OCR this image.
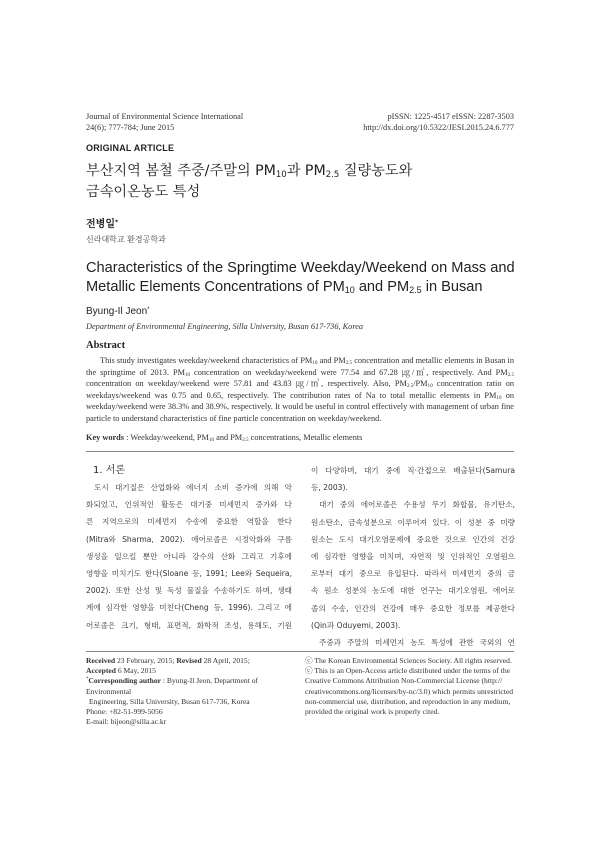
Journal of Environmental Science International
24(6); 777-784; June 2015
pISSN: 1225-4517 eISSN: 2287-3503
http://dx.doi.org/10.5322/JESI.2015.24.6.777
ORIGINAL ARTICLE
부산지역 봄철 주중/주말의 $PM_{10}$과 $PM_{2.5}$ 질량농도와
금속이온농도 특성
전병일*
신라대학교 환경공학과
Characteristics of the Springtime Weekday/Weekend on Mass and
Metallic Elements Concentrations of $PM_{10}$ and $PM_{2.5}$ in Busan
Byung-Il Jeon*
Department of Environmental Engineering, Silla University, Busan 617-736, Korea
Abstract
This study investigates weekday/weekend characteristics of $PM_{10}$ and $PM_{2.5}$ concentration and metallic elements in Busan in the springtime of 2013. $PM_{10}$ concentration on weekday/weekend were 77.54 and 67.28 ㎍/㎥, respectively. And $PM_{2.5}$ concentration on weekday/weekend were 57.81 and 43.83 ㎍/㎥, respectively. Also, $PM_{2.5}/PM_{10}$ concentration ratio on weekdays/weekend was 0.75 and 0.65, respectively. The contribution rates of Na to total metallic elements in $PM_{10}$ on weekday/weekend were 38.3% and 38.9%, respectively. It would be useful in control effectively with management of urban fine particle to understand characteristics of fine particle concentration on weekday/weekend.
Key words : Weekday/weekend, $PM_{10}$ and $PM_{2.5}$ concentrations, Metallic elements
1. 서론
도시 대기질은 산업화와 에너지 소비 증가에 의해 악
화되었고, 인위적인 활동은 대기중 미세먼지 증가와 다
른 지역으로의 미세먼지 수송에 중요한 역할을 한다
(Mitra와 Sharma, 2002). 에어로졸은 시정악화와 구름
생성을 일으킬 뿐만 아니라 강수의 산화 그리고 기후에
영향을 미치기도 한다(Sloane 등, 1991; Lee와 Sequeira,
2002). 또한 산성 및 독성 물질을 수송하기도 하며, 생태
계에 심각한 영향을 미친다(Cheng 등, 1996). 그리고 에
어로졸은 크기, 형태, 표면적, 화학적 조성, 용해도, 기원
이 다양하며, 대기 중에 직·간접으로 배출된다(Samura
등, 2003).
대기 중의 에어로졸은 수용성 무기 화합물, 유기탄소,
원소탄소, 금속성분으로 이루어져 있다. 이 성분 중 미량
원소는 도시 대기오염문제에 중요한 것으로 인간의 건강
에 심각한 영향을 미치며, 자연적 및 인위적인 오염원으
로부터 대기 중으로 유입된다. 따라서 미세먼지 중의 금
속 원소 성분의 농도에 대한 연구는 대기오염원, 에어로
졸의 수송, 인간의 건강에 매우 중요한 정보를 제공한다
(Qin과 Oduyemi, 2003).
주중과 주말의 미세먼지 농도 특성에 관한 국외의 연
Received 23 February, 2015; Revised 28 April, 2015;
Accepted 6 May, 2015
*Corresponding author : Byung-Il Jeon, Department of Environmental
Engineering, Silla University, Busan 617-736, Korea
Phone: +82-51-999-5056
E-mail: bijeon@silla.ac.kr
ⓒ The Korean Environmental Sciences Society. All rights reserved.
ⓒ This is an Open-Access article distributed under the terms of the
Creative Commons Attribution Non-Commercial License (http://
creativecommons.org/licenses/by-nc/3.0) which permits unrestricted
non-commercial use, distribution, and reproduction in any medium,
provided the original work is properly cited.
